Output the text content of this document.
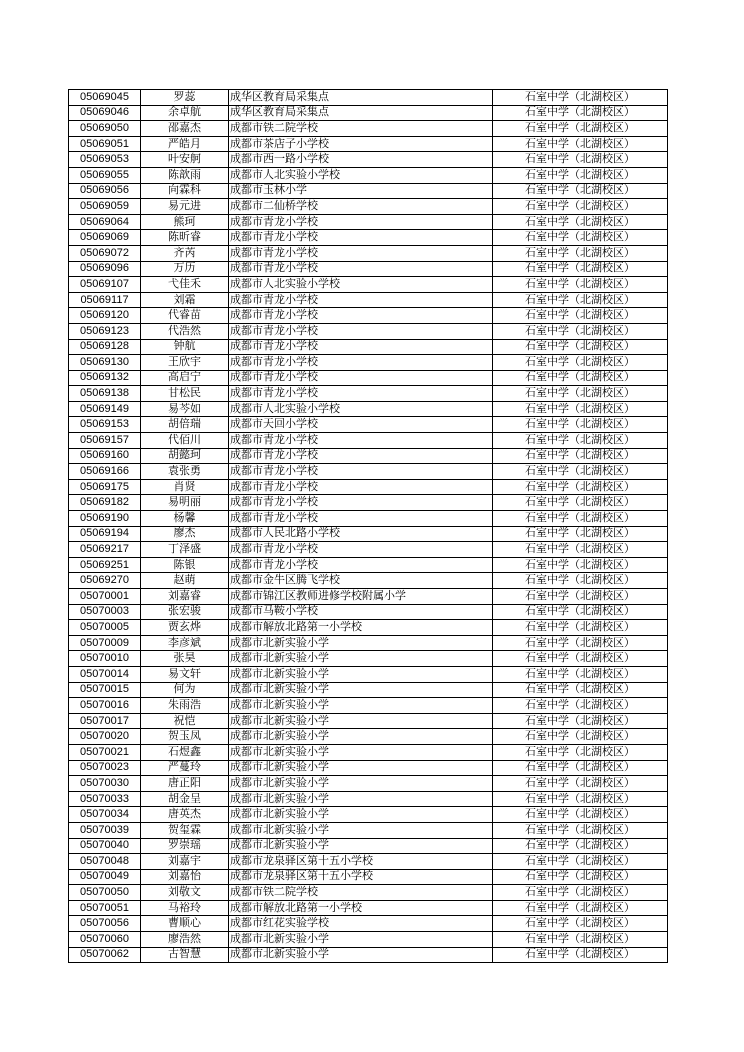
05069045	罗蕊	成华区教育局采集点	石室中学（北湖校区）
05069046	余卓航	成华区教育局采集点	石室中学（北湖校区）
05069050	邵嘉杰	成都市铁二院学校	石室中学（北湖校区）
05069051	严皓月	成都市茶店子小学校	石室中学（北湖校区）
05069053	叶安舸	成都市西一路小学校	石室中学（北湖校区）
05069055	陈歆雨	成都市人北实验小学校	石室中学（北湖校区）
05069056	向霖科	成都市玉林小学	石室中学（北湖校区）
05069059	易元进	成都市二仙桥学校	石室中学（北湖校区）
05069064	熊珂	成都市青龙小学校	石室中学（北湖校区）
05069069	陈昕睿	成都市青龙小学校	石室中学（北湖校区）
05069072	齐芮	成都市青龙小学校	石室中学（北湖校区）
05069096	万历	成都市青龙小学校	石室中学（北湖校区）
05069107	弋佳禾	成都市人北实验小学校	石室中学（北湖校区）
05069117	刘霜	成都市青龙小学校	石室中学（北湖校区）
05069120	代睿苗	成都市青龙小学校	石室中学（北湖校区）
05069123	代浩然	成都市青龙小学校	石室中学（北湖校区）
05069128	钟航	成都市青龙小学校	石室中学（北湖校区）
05069130	王欣宇	成都市青龙小学校	石室中学（北湖校区）
05069132	高启宁	成都市青龙小学校	石室中学（北湖校区）
05069138	甘松民	成都市青龙小学校	石室中学（北湖校区）
05069149	易芩如	成都市人北实验小学校	石室中学（北湖校区）
05069153	胡倍瑞	成都市天回小学校	石室中学（北湖校区）
05069157	代佰川	成都市青龙小学校	石室中学（北湖校区）
05069160	胡懿珂	成都市青龙小学校	石室中学（北湖校区）
05069166	袁张勇	成都市青龙小学校	石室中学（北湖校区）
05069175	肖贤	成都市青龙小学校	石室中学（北湖校区）
05069182	易明丽	成都市青龙小学校	石室中学（北湖校区）
05069190	杨馨	成都市青龙小学校	石室中学（北湖校区）
05069194	廖杰	成都市人民北路小学校	石室中学（北湖校区）
05069217	丁泽盛	成都市青龙小学校	石室中学（北湖校区）
05069251	陈银	成都市青龙小学校	石室中学（北湖校区）
05069270	赵萌	成都市金牛区腾飞学校	石室中学（北湖校区）
05070001	刘嘉睿	成都市锦江区教师进修学校附属小学	石室中学（北湖校区）
05070003	张宏骏	成都市马鞍小学校	石室中学（北湖校区）
05070005	贾玄烨	成都市解放北路第一小学校	石室中学（北湖校区）
05070009	李彦斌	成都市北新实验小学	石室中学（北湖校区）
05070010	张昊	成都市北新实验小学	石室中学（北湖校区）
05070014	易文轩	成都市北新实验小学	石室中学（北湖校区）
05070015	何为	成都市北新实验小学	石室中学（北湖校区）
05070016	朱雨浩	成都市北新实验小学	石室中学（北湖校区）
05070017	祝恺	成都市北新实验小学	石室中学（北湖校区）
05070020	贺玉凤	成都市北新实验小学	石室中学（北湖校区）
05070021	石煜鑫	成都市北新实验小学	石室中学（北湖校区）
05070023	严蔓玲	成都市北新实验小学	石室中学（北湖校区）
05070030	唐正阳	成都市北新实验小学	石室中学（北湖校区）
05070033	胡金呈	成都市北新实验小学	石室中学（北湖校区）
05070034	唐英杰	成都市北新实验小学	石室中学（北湖校区）
05070039	贺玺霖	成都市北新实验小学	石室中学（北湖校区）
05070040	罗崇瑶	成都市北新实验小学	石室中学（北湖校区）
05070048	刘嘉宇	成都市龙泉驿区第十五小学校	石室中学（北湖校区）
05070049	刘嘉怡	成都市龙泉驿区第十五小学校	石室中学（北湖校区）
05070050	刘敬文	成都市铁二院学校	石室中学（北湖校区）
05070051	马裕玲	成都市解放北路第一小学校	石室中学（北湖校区）
05070056	曹顺心	成都市红花实验学校	石室中学（北湖校区）
05070060	廖浩然	成都市北新实验小学	石室中学（北湖校区）
05070062	古智慧	成都市北新实验小学	石室中学（北湖校区）
